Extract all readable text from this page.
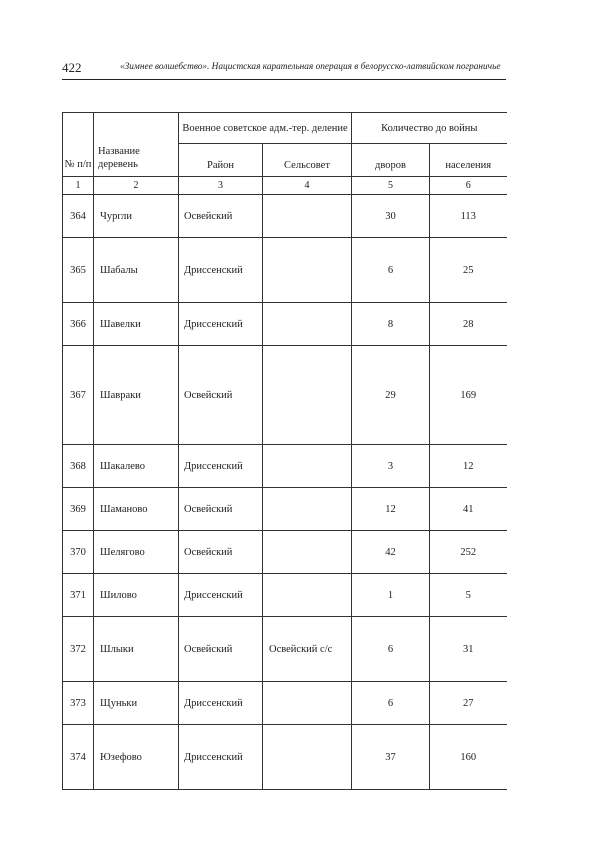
422	«Зимнее волшебство». Нацистская карательная операция в белорусско-латвийском пограничье
№ п/п	Название деревень	Военное советское адм.-тер. деление		Количество до войны	
		Район	Сельсовет	дворов	населения
1	2	3	4	5	6
364	Чургли	Освейский		30	113
365	Шабалы	Дриссенский		6	25
366	Шавелки	Дриссенский		8	28
367	Шавраки	Освейский		29	169
368	Шакалево	Дриссенский		3	12
369	Шаманово	Освейский		12	41
370	Шелягово	Освейский		42	252
371	Шилово	Дриссенский		1	5
372	Шлыки	Освейский	Освейский с/с	6	31
373	Щуньки	Дриссенский		6	27
374	Юзефово	Дриссенский		37	160
